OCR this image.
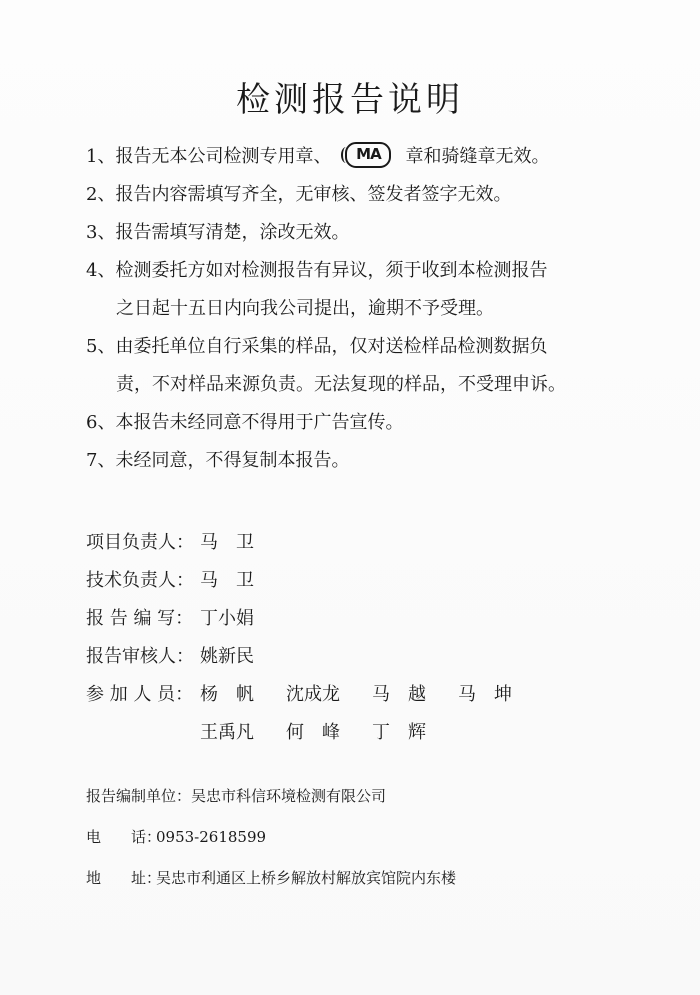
检测报告说明
1、报告无本公司检测专用章、 MA 章和骑缝章无效。
2、报告内容需填写齐全，无审核、签发者签字无效。
3、报告需填写清楚，涂改无效。
4、检测委托方如对检测报告有异议，须于收到本检测报告
之日起十五日内向我公司提出，逾期不予受理。
5、由委托单位自行采集的样品，仅对送检样品检测数据负
责，不对样品来源负责。无法复现的样品，不受理申诉。
6、本报告未经同意不得用于广告宣传。
7、未经同意，不得复制本报告。
项目负责人： 马　卫
技术负责人： 马　卫
报 告 编 写： 丁小娟
报告审核人： 姚新民
参 加 人 员： 杨　帆 沈成龙 马　越 马　坤
王禹凡 何　峰 丁　辉
报告编制单位：吴忠市科信环境检测有限公司
电　　话：0953-2618599
地　　址：吴忠市利通区上桥乡解放村解放宾馆院内东楼
